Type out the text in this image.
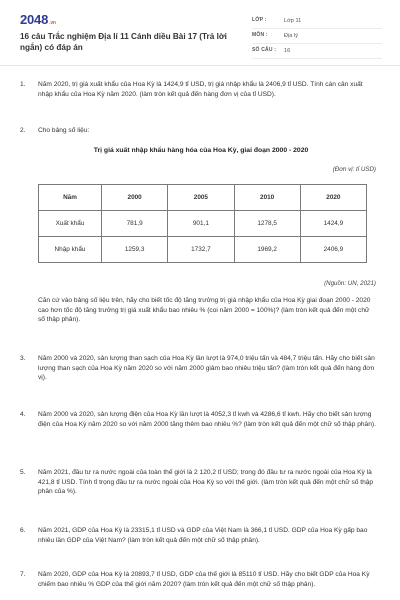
2048.vn
16 câu Trắc nghiệm Địa lí 11 Cánh diều Bài 17 (Trả lời ngắn) có đáp án
LỚP :	Lớp 11
MÔN :	Địa lý
SỐ CÂU :	16
1. Năm 2020, trị giá xuất khẩu của Hoa Kỳ là 1424,9 tỉ USD, trị giá nhập khẩu là 2406,9 tỉ USD. Tính cán cân xuất nhập khẩu của Hoa Kỳ năm 2020. (làm tròn kết quả đến hàng đơn vị của tỉ USD).
2. Cho bảng số liệu:
Trị giá xuất nhập khẩu hàng hóa của Hoa Kỳ, giai đoạn 2000 - 2020
(Đơn vị: tỉ USD)
Năm	2000	2005	2010	2020
Xuất khẩu	781,9	901,1	1278,5	1424,9
Nhập khẩu	1259,3	1732,7	1969,2	2406,9
(Nguồn: UN, 2021)
Căn cứ vào bảng số liệu trên, hãy cho biết tốc độ tăng trưởng trị giá nhập khẩu của Hoa Kỳ giai đoạn 2000 - 2020 cao hơn tốc độ tăng trưởng trị giá xuất khẩu bao nhiêu % (coi năm 2000 = 100%)? (làm tròn kết quả đến một chữ số thập phân).
3. Năm 2000 và 2020, sản lượng than sạch của Hoa Kỳ lần lượt là 974,0 triệu tấn và 484,7 triệu tấn. Hãy cho biết sản lượng than sạch của Hoa Kỳ năm 2020 so với năm 2000 giảm bao nhiêu triệu tấn? (làm tròn kết quả đến hàng đơn vị).
4. Năm 2000 và 2020, sản lượng điện của Hoa Kỳ lần lượt là 4052,3 tỉ kwh và 4286,6 tỉ kwh. Hãy cho biết sản lượng điện của Hoa Kỳ năm 2020 so với năm 2000 tăng thêm bao nhiêu %? (làm tròn kết quả đến một chữ số thập phân).
5. Năm 2021, đầu tư ra nước ngoài của toàn thế giới là 2 120,2 tỉ USD; trong đó đầu tư ra nước ngoài của Hoa Kỳ là 421,8 tỉ USD. Tính tỉ trọng đầu tư ra nước ngoài của Hoa Kỳ so với thế giới. (làm tròn kết quả đến một chữ số thập phân của %).
6. Năm 2021, GDP của Hoa Kỳ là 23315,1 tỉ USD và GDP của Việt Nam là 366,1 tỉ USD. GDP của Hoa Kỳ gấp bao nhiêu lần GDP của Việt Nam? (làm tròn kết quả đến một chữ số thập phân).
7. Năm 2020, GDP của Hoa Kỳ là 20893,7 tỉ USD, GDP của thế giới là 85110 tỉ USD. Hãy cho biết GDP của Hoa Kỳ chiếm bao nhiêu % GDP của thế giới năm 2020? (làm tròn kết quả đến một chữ số thập phân).
